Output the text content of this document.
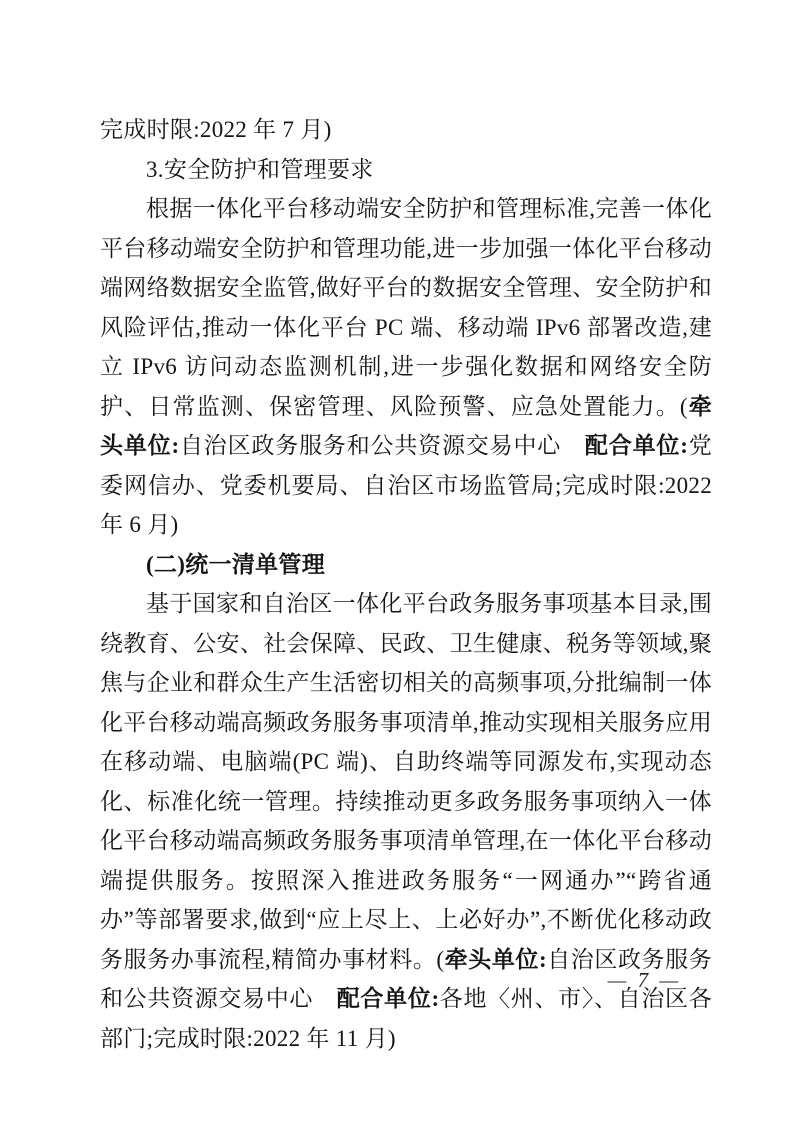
完成时限:2022 年 7 月)

3.安全防护和管理要求

根据一体化平台移动端安全防护和管理标准,完善一体化平台移动端安全防护和管理功能,进一步加强一体化平台移动端网络数据安全监管,做好平台的数据安全管理、安全防护和风险评估,推动一体化平台 PC 端、移动端 IPv6 部署改造,建立 IPv6 访问动态监测机制,进一步强化数据和网络安全防护、日常监测、保密管理、风险预警、应急处置能力。(牵头单位:自治区政务服务和公共资源交易中心　配合单位:党委网信办、党委机要局、自治区市场监管局;完成时限:2022 年 6 月)

(二)统一清单管理

基于国家和自治区一体化平台政务服务事项基本目录,围绕教育、公安、社会保障、民政、卫生健康、税务等领域,聚焦与企业和群众生产生活密切相关的高频事项,分批编制一体化平台移动端高频政务服务事项清单,推动实现相关服务应用在移动端、电脑端(PC 端)、自助终端等同源发布,实现动态化、标准化统一管理。持续推动更多政务服务事项纳入一体化平台移动端高频政务服务事项清单管理,在一体化平台移动端提供服务。按照深入推进政务服务“一网通办”“跨省通办”等部署要求,做到“应上尽上、上必好办”,不断优化移动政务服务办事流程,精简办事材料。(牵头单位:自治区政务服务和公共资源交易中心　配合单位:各地〈州、市〉、自治区各部门;完成时限:2022 年 11 月)

— 7 —
